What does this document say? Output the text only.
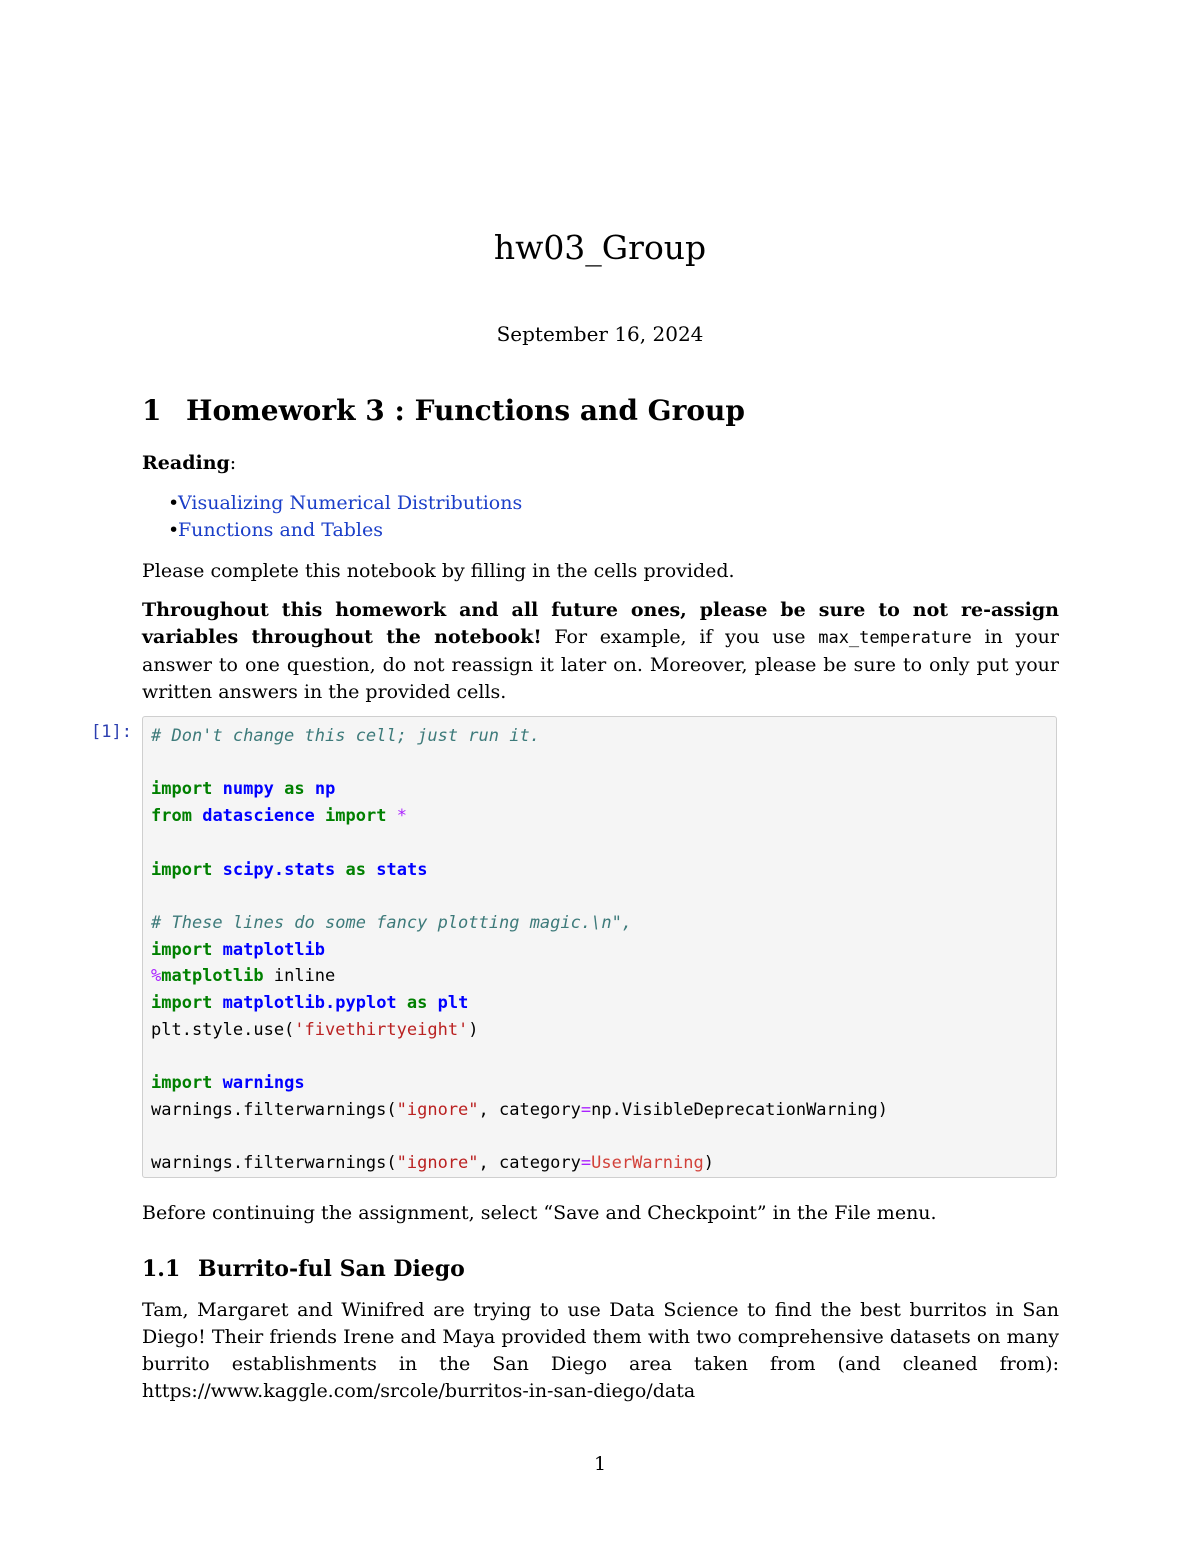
hw03_Group
September 16, 2024
1 Homework 3 : Functions and Group
Reading:
•Visualizing Numerical Distributions
•Functions and Tables
Please complete this notebook by filling in the cells provided.
Throughout this homework and all future ones, please be sure to not re-assign variables throughout the notebook! For example, if you use max_temperature in your answer to one question, do not reassign it later on. Moreover, please be sure to only put your written answers in the provided cells.
[1]: # Don't change this cell; just run it.

import numpy as np
from datascience import *

import scipy.stats as stats

# These lines do some fancy plotting magic.\n",
import matplotlib
%matplotlib inline
import matplotlib.pyplot as plt
plt.style.use('fivethirtyeight')

import warnings
warnings.filterwarnings("ignore", category=np.VisibleDeprecationWarning)

warnings.filterwarnings("ignore", category=UserWarning)
Before continuing the assignment, select “Save and Checkpoint” in the File menu.
1.1 Burrito-ful San Diego
Tam, Margaret and Winifred are trying to use Data Science to find the best burritos in San Diego! Their friends Irene and Maya provided them with two comprehensive datasets on many burrito establishments in the San Diego area taken from (and cleaned from): https://www.kaggle.com/srcole/burritos-in-san-diego/data
1
